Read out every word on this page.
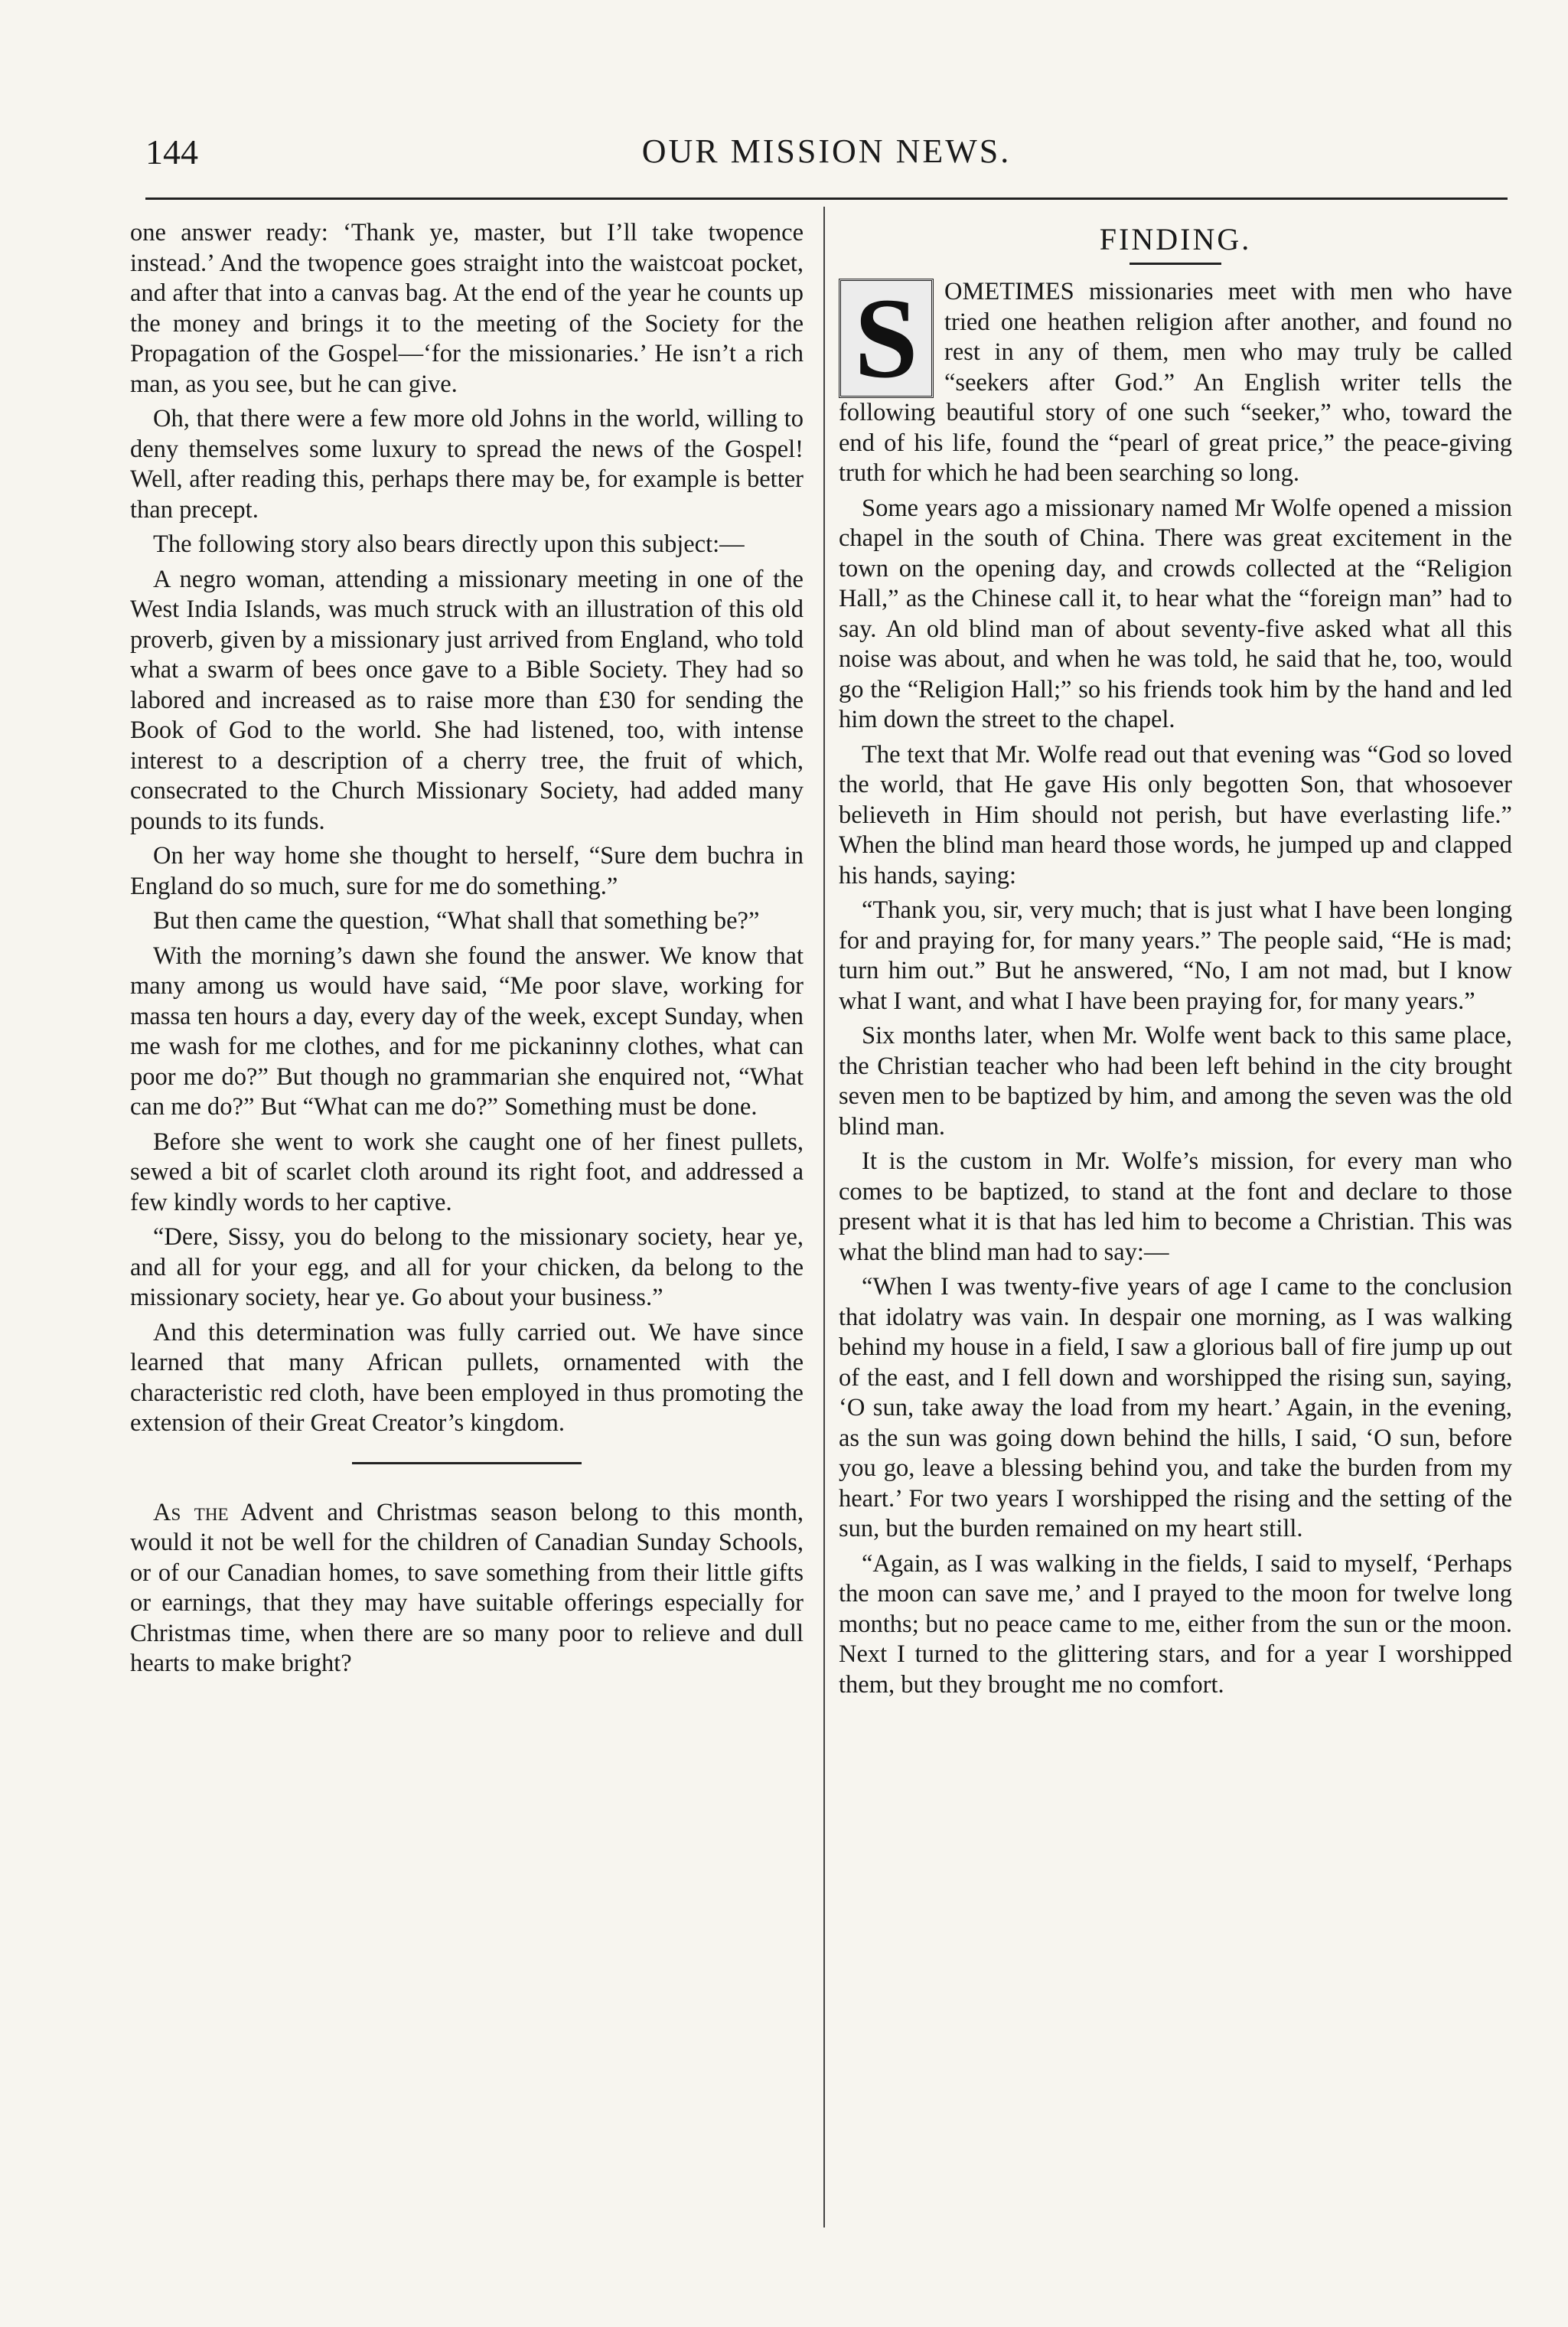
144	OUR MISSION NEWS.

one answer ready: ‘Thank ye, master, but I’ll take twopence instead.’ And the twopence goes straight into the waistcoat pocket, and after that into a canvas bag. At the end of the year he counts up the money and brings it to the meeting of the Society for the Propagation of the Gospel—‘for the missionaries.’ He isn’t a rich man, as you see, but he can give.

Oh, that there were a few more old Johns in the world, willing to deny themselves some luxury to spread the news of the Gospel! Well, after reading this, perhaps there may be, for example is better than precept.

The following story also bears directly upon this subject:—

A negro woman, attending a missionary meeting in one of the West India Islands, was much struck with an illustration of this old proverb, given by a missionary just arrived from England, who told what a swarm of bees once gave to a Bible Society. They had so labored and increased as to raise more than £30 for sending the Book of God to the world. She had listened, too, with intense interest to a description of a cherry tree, the fruit of which, consecrated to the Church Missionary Society, had added many pounds to its funds.

On her way home she thought to herself, “Sure dem buchra in England do so much, sure for me do something.”

But then came the question, “What shall that something be?”

With the morning’s dawn she found the answer. We know that many among us would have said, “Me poor slave, working for massa ten hours a day, every day of the week, except Sunday, when me wash for me clothes, and for me pickaninny clothes, what can poor me do?” But though no grammarian she enquired not, “What can me do?” But “What can me do?” Something must be done.

Before she went to work she caught one of her finest pullets, sewed a bit of scarlet cloth around its right foot, and addressed a few kindly words to her captive.

“Dere, Sissy, you do belong to the missionary society, hear ye, and all for your egg, and all for your chicken, da belong to the missionary society, hear ye. Go about your business.”

And this determination was fully carried out. We have since learned that many African pullets, ornamented with the characteristic red cloth, have been employed in thus promoting the extension of their Great Creator’s kingdom.

As the Advent and Christmas season belong to this month, would it not be well for the children of Canadian Sunday Schools, or of our Canadian homes, to save something from their little gifts or earnings, that they may have suitable offerings especially for Christmas time, when there are so many poor to relieve and dull hearts to make bright?

FINDING.

S	OMETIMES missionaries meet with men who have tried one heathen religion after another, and found no rest in any of them, men who may truly be called “seekers after God.” An English writer tells the following beautiful story of one such “seeker,” who, toward the end of his life, found the “pearl of great price,” the peace-giving truth for which he had been searching so long.

Some years ago a missionary named Mr Wolfe opened a mission chapel in the south of China. There was great excitement in the town on the opening day, and crowds collected at the “Religion Hall,” as the Chinese call it, to hear what the “foreign man” had to say. An old blind man of about seventy-five asked what all this noise was about, and when he was told, he said that he, too, would go the “Religion Hall;” so his friends took him by the hand and led him down the street to the chapel.

The text that Mr. Wolfe read out that evening was “God so loved the world, that He gave His only begotten Son, that whosoever believeth in Him should not perish, but have everlasting life.” When the blind man heard those words, he jumped up and clapped his hands, saying:

“Thank you, sir, very much; that is just what I have been longing for and praying for, for many years.” The people said, “He is mad; turn him out.” But he answered, “No, I am not mad, but I know what I want, and what I have been praying for, for many years.”

Six months later, when Mr. Wolfe went back to this same place, the Christian teacher who had been left behind in the city brought seven men to be baptized by him, and among the seven was the old blind man.

It is the custom in Mr. Wolfe’s mission, for every man who comes to be baptized, to stand at the font and declare to those present what it is that has led him to become a Christian. This was what the blind man had to say:—

“When I was twenty-five years of age I came to the conclusion that idolatry was vain. In despair one morning, as I was walking behind my house in a field, I saw a glorious ball of fire jump up out of the east, and I fell down and worshipped the rising sun, saying, ‘O sun, take away the load from my heart.’ Again, in the evening, as the sun was going down behind the hills, I said, ‘O sun, before you go, leave a blessing behind you, and take the burden from my heart.’ For two years I worshipped the rising and the setting of the sun, but the burden remained on my heart still.

“Again, as I was walking in the fields, I said to myself, ‘Perhaps the moon can save me,’ and I prayed to the moon for twelve long months; but no peace came to me, either from the sun or the moon. Next I turned to the glittering stars, and for a year I worshipped them, but they brought me no comfort.
